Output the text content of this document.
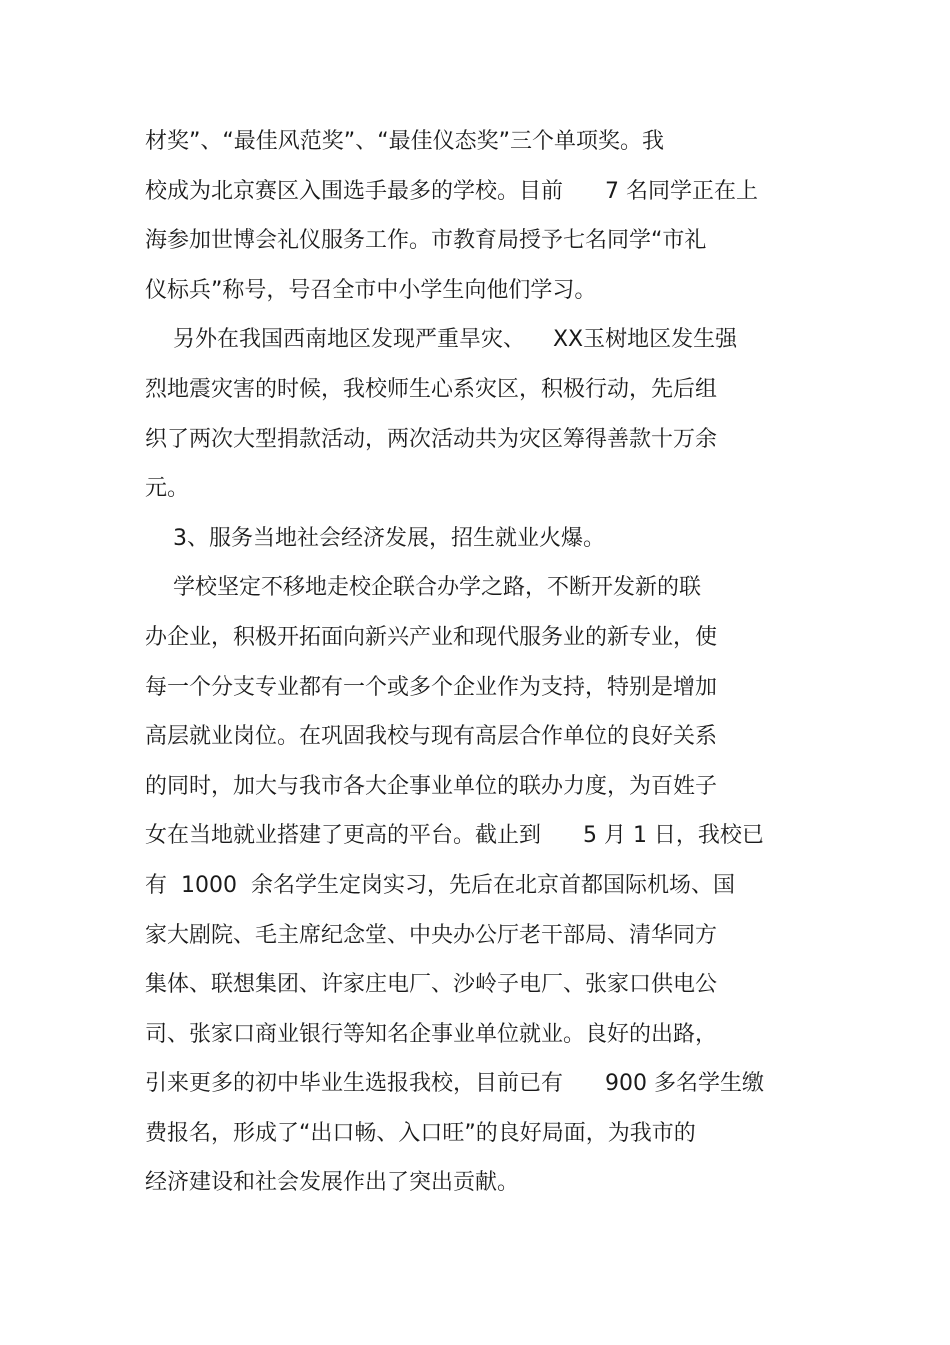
材奖”、“最佳风范奖”、“最佳仪态奖”三个单项奖。我
校成为北京赛区入围选手最多的学校。目前      7 名同学正在上
海参加世博会礼仪服务工作。市教育局授予七名同学“市礼
仪标兵”称号，号召全市中小学生向他们学习。
另外在我国西南地区发现严重旱灾、    XX玉树地区发生强
烈地震灾害的时候，我校师生心系灾区，积极行动，先后组
织了两次大型捐款活动，两次活动共为灾区筹得善款十万余
元。
3、服务当地社会经济发展，招生就业火爆。
学校坚定不移地走校企联合办学之路，不断开发新的联
办企业，积极开拓面向新兴产业和现代服务业的新专业，使
每一个分支专业都有一个或多个企业作为支持，特别是增加
高层就业岗位。在巩固我校与现有高层合作单位的良好关系
的同时，加大与我市各大企事业单位的联办力度，为百姓子
女在当地就业搭建了更高的平台。截止到      5 月 1 日，我校已
有  1000  余名学生定岗实习，先后在北京首都国际机场、国
家大剧院、毛主席纪念堂、中央办公厅老干部局、清华同方
集体、联想集团、许家庄电厂、沙岭子电厂、张家口供电公
司、张家口商业银行等知名企事业单位就业。良好的出路，
引来更多的初中毕业生选报我校，目前已有      900 多名学生缴
费报名，形成了“出口畅、入口旺”的良好局面，为我市的
经济建设和社会发展作出了突出贡献。
